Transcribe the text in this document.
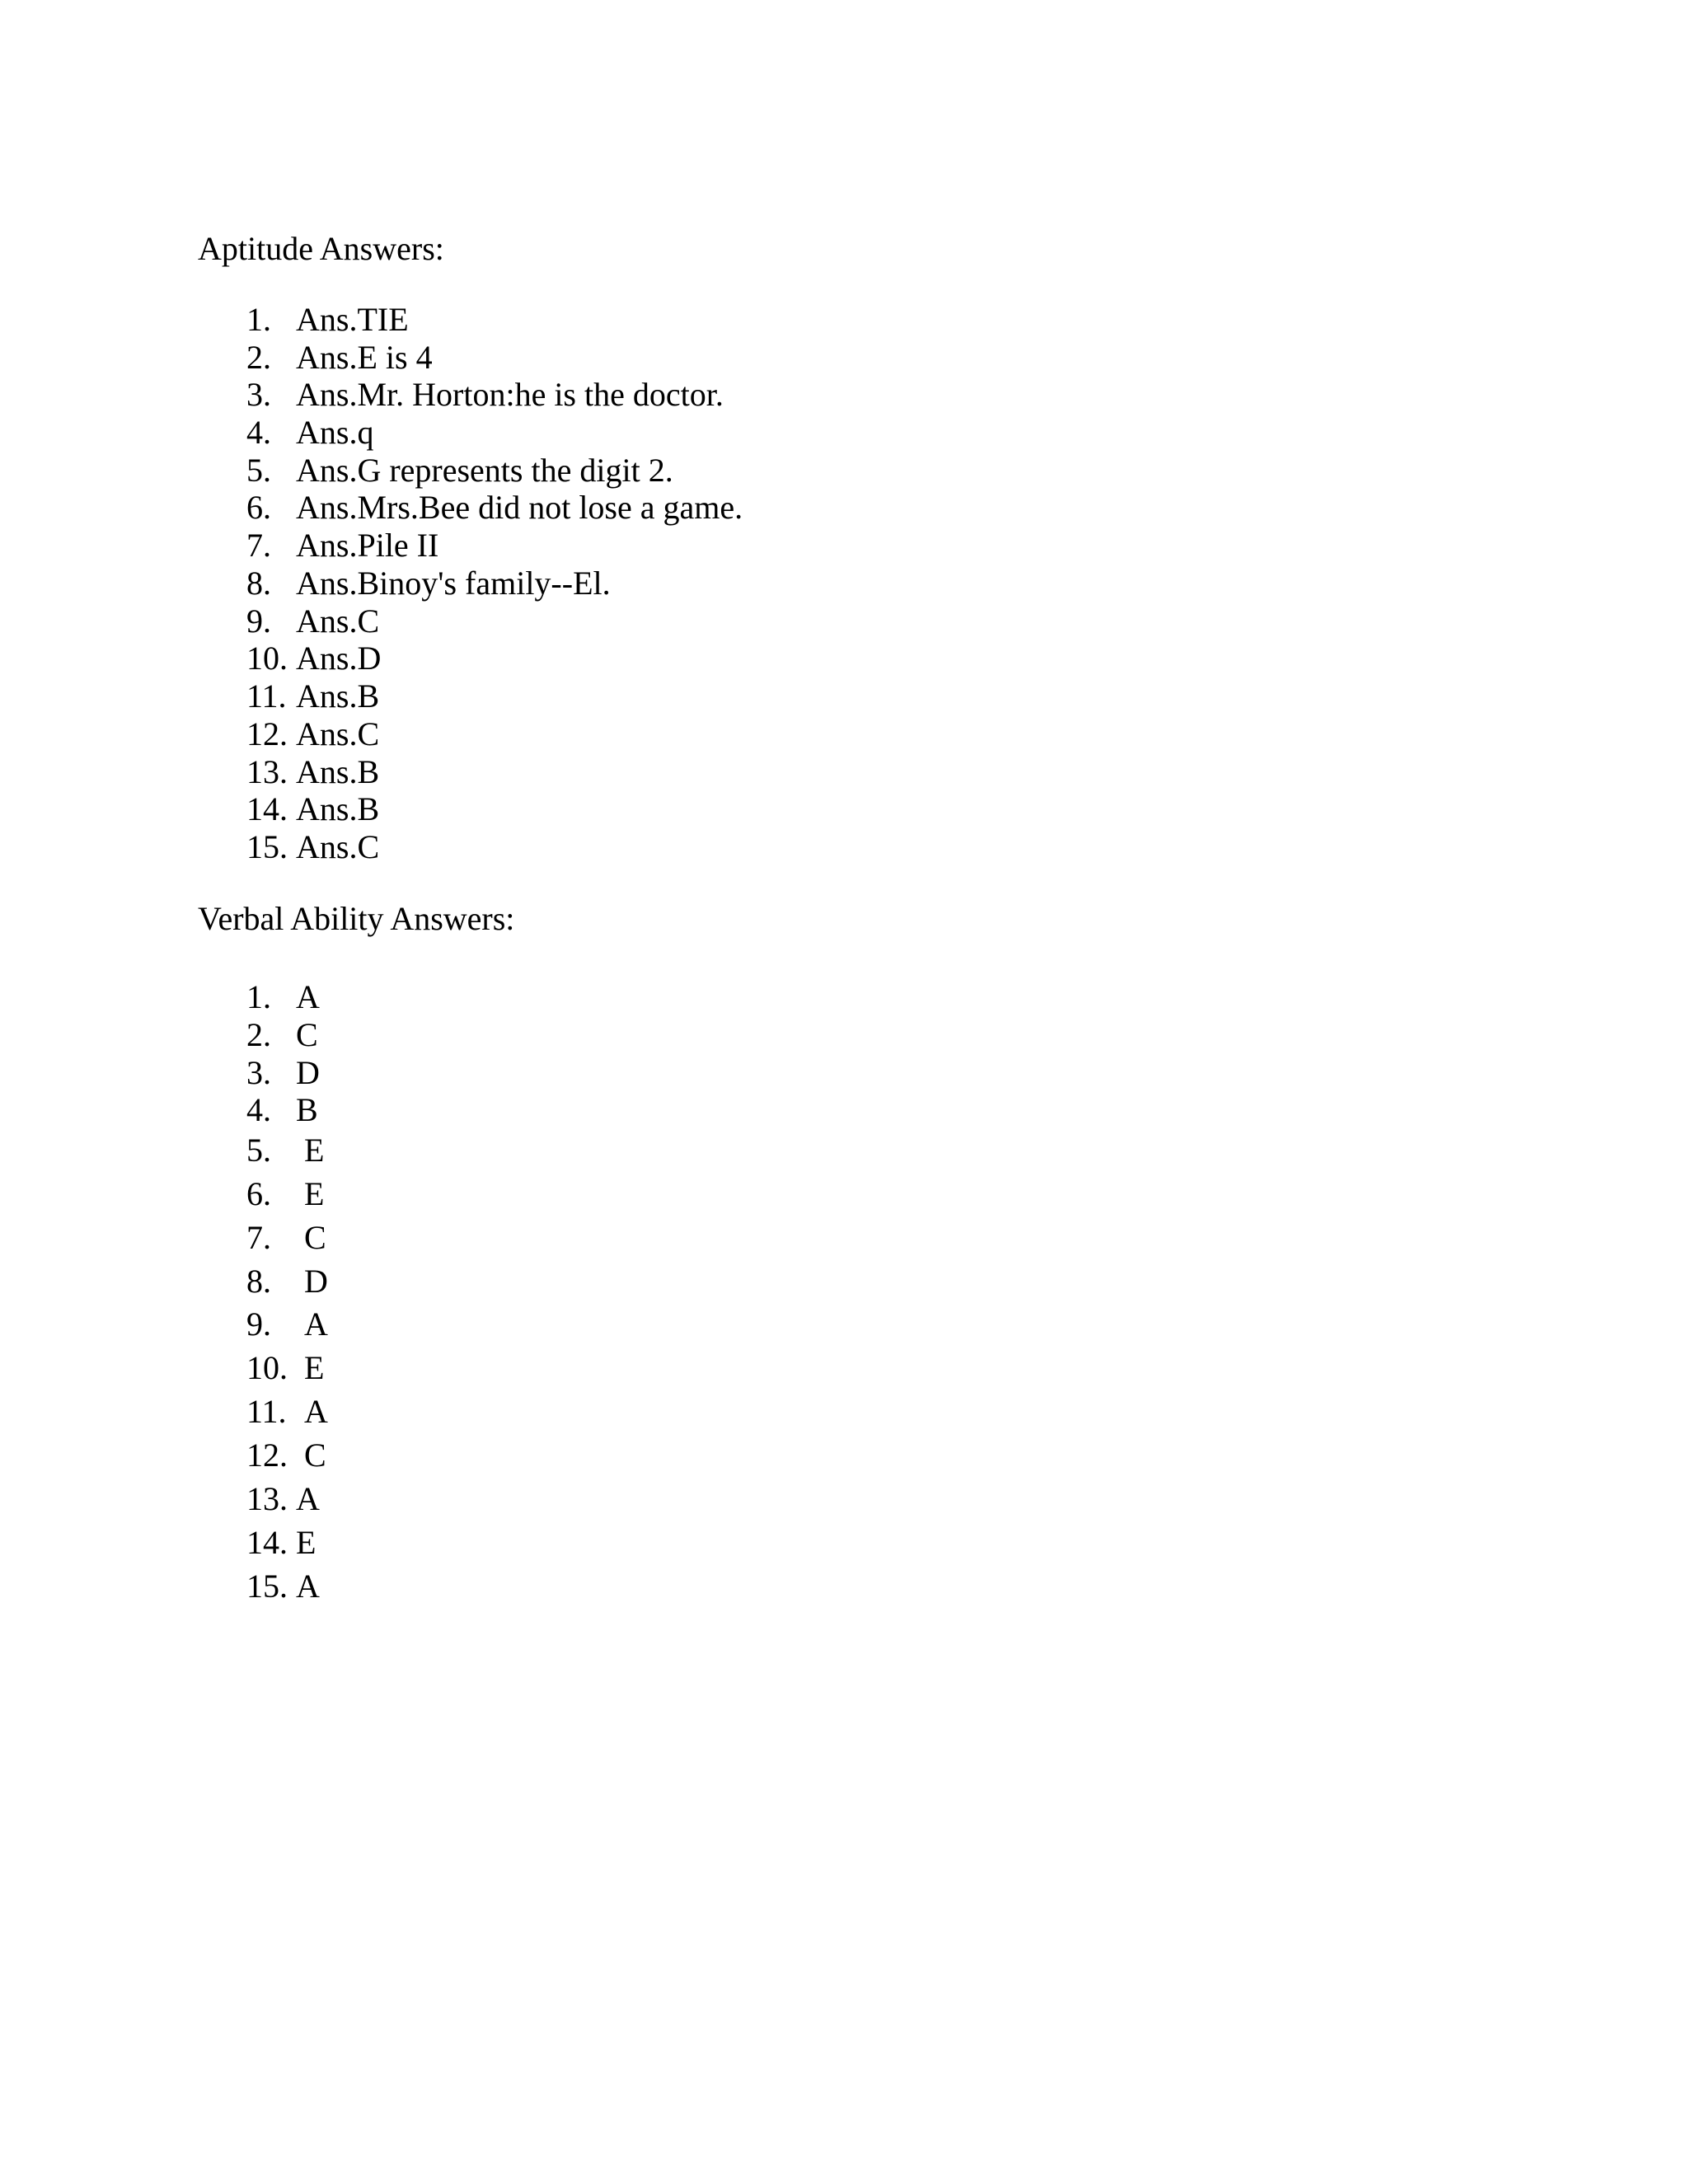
Aptitude Answers:
1. Ans.TIE
2. Ans.E is 4
3. Ans.Mr. Horton:he is the doctor.
4. Ans.q
5. Ans.G represents the digit 2.
6. Ans.Mrs.Bee did not lose a game.
7. Ans.Pile II
8. Ans.Binoy's family--El.
9. Ans.C
10. Ans.D
11. Ans.B
12. Ans.C
13. Ans.B
14. Ans.B
15. Ans.C
Verbal Ability Answers:
1. A
2. C
3. D
4. B
5. E
6. E
7. C
8. D
9. A
10. E
11. A
12. C
13. A
14. E
15. A
